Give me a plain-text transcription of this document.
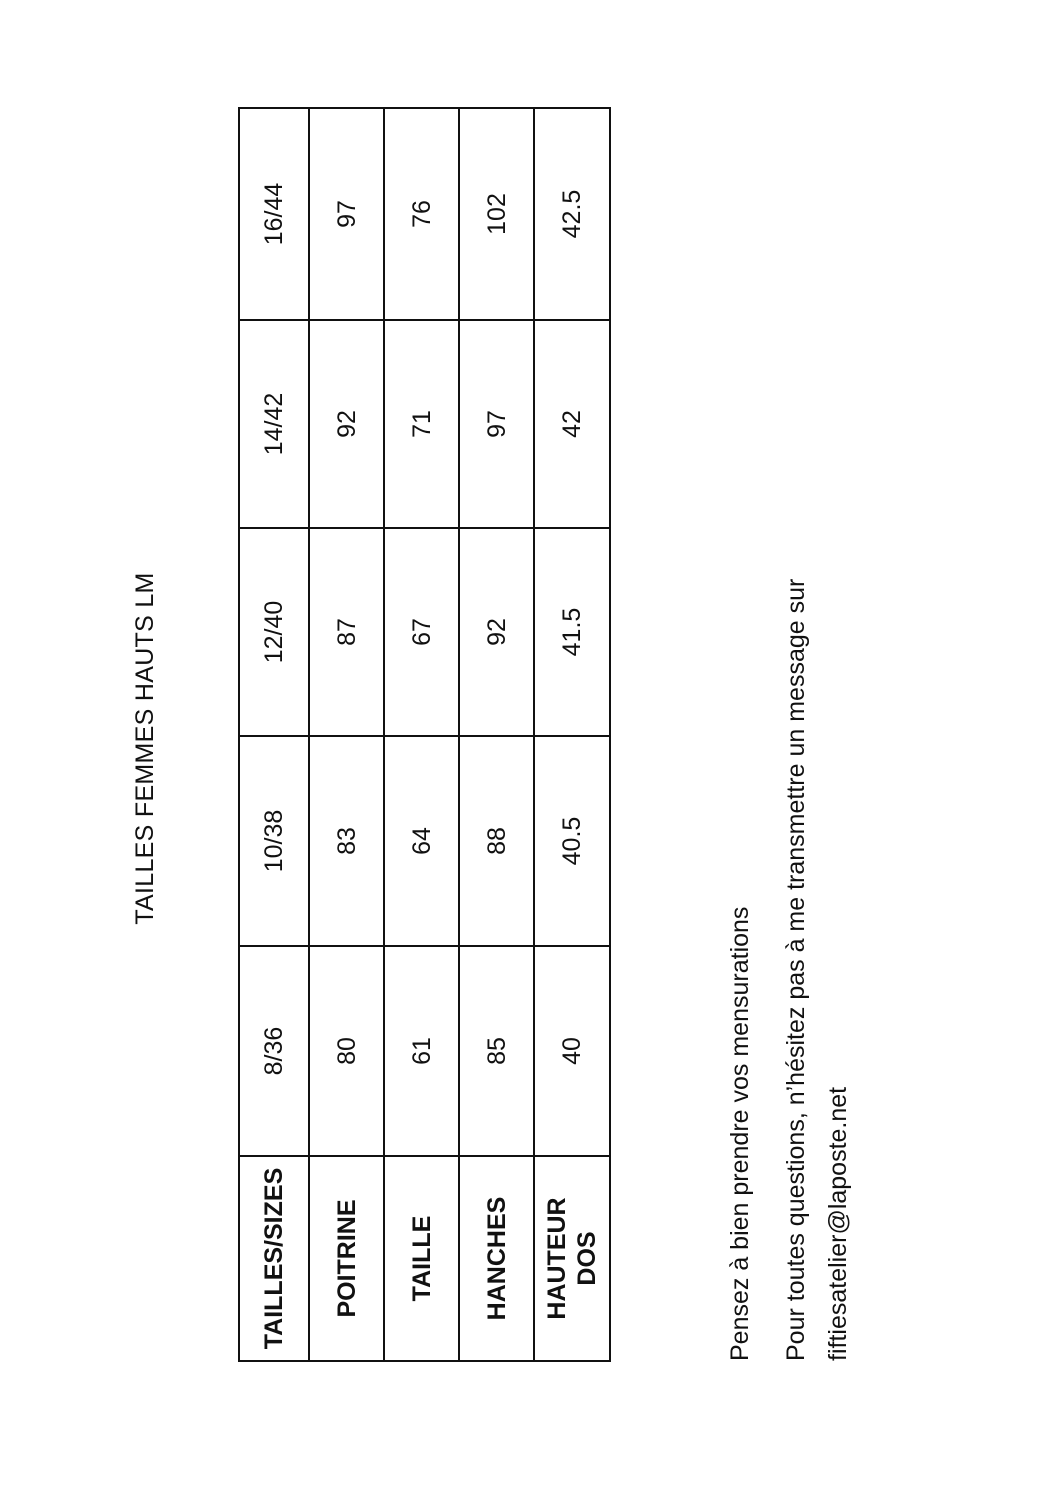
TAILLES FEMMES HAUTS LM
TAILLES/SIZES
8/36
10/38
12/40
14/42
16/44
POITRINE
80
83
87
92
97
TAILLE
61
64
67
71
76
HANCHES
85
88
92
97
102
HAUTEUR DOS
40
40.5
41.5
42
42.5
Pensez à bien prendre vos mensurations Pour toutes questions, n’hésitez pas à me transmettre un message sur fiftiesatelier@laposte.net
